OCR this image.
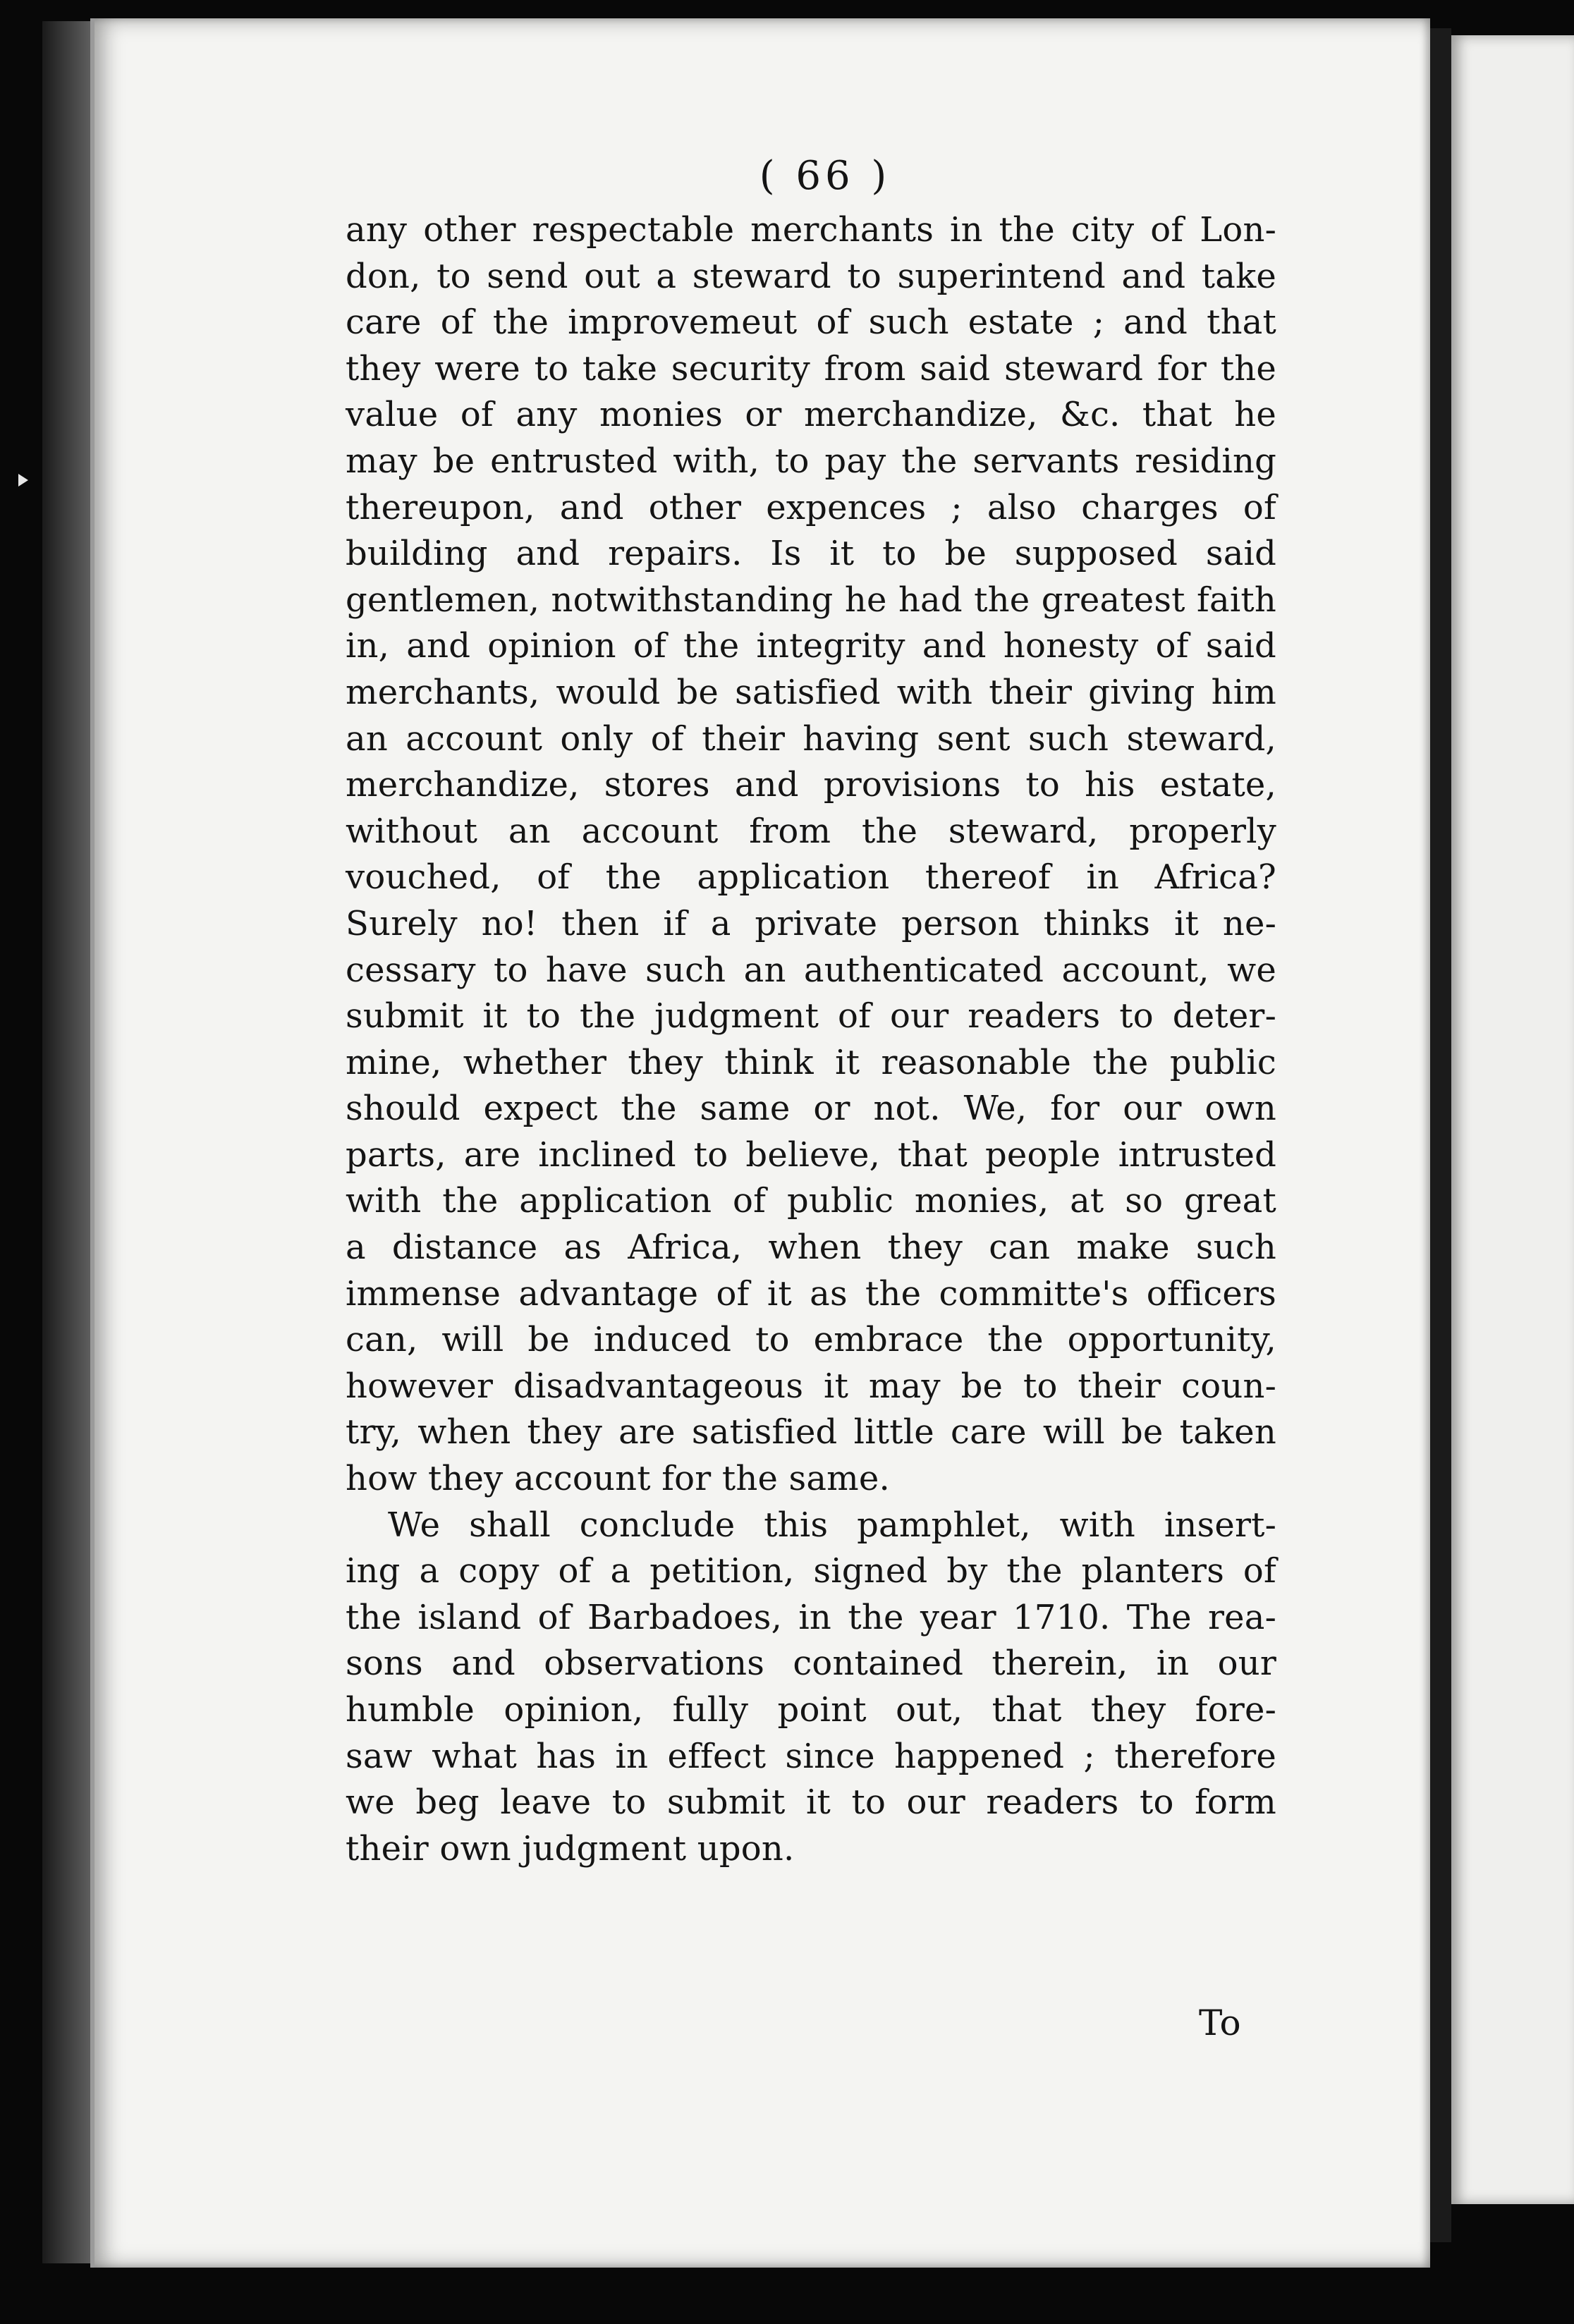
( 66 )
any other respectable merchants in the city of Lon-
don, to send out a steward to superintend and take
care of the improvemeut of such estate ; and that
they were to take security from said steward for the
value of any monies or merchandize, &c. that he
may be entrusted with, to pay the servants residing
thereupon, and other expences ; also charges of
building and repairs. Is it to be supposed said
gentlemen, notwithstanding he had the greatest faith
in, and opinion of the integrity and honesty of said
merchants, would be satisfied with their giving him
an account only of their having sent such steward,
merchandize, stores and provisions to his estate,
without an account from the steward, properly
vouched, of the application thereof in Africa?
Surely no! then if a private person thinks it ne-
cessary to have such an authenticated account, we
submit it to the judgment of our readers to deter-
mine, whether they think it reasonable the public
should expect the same or not. We, for our own
parts, are inclined to believe, that people intrusted
with the application of public monies, at so great
a distance as Africa, when they can make such
immense advantage of it as the committe's officers
can, will be induced to embrace the opportunity,
however disadvantageous it may be to their coun-
try, when they are satisfied little care will be taken
how they account for the same.
We shall conclude this pamphlet, with insert-
ing a copy of a petition, signed by the planters of
the island of Barbadoes, in the year 1710. The rea-
sons and observations contained therein, in our
humble opinion, fully point out, that they fore-
saw what has in effect since happened ; therefore
we beg leave to submit it to our readers to form
their own judgment upon.
To
